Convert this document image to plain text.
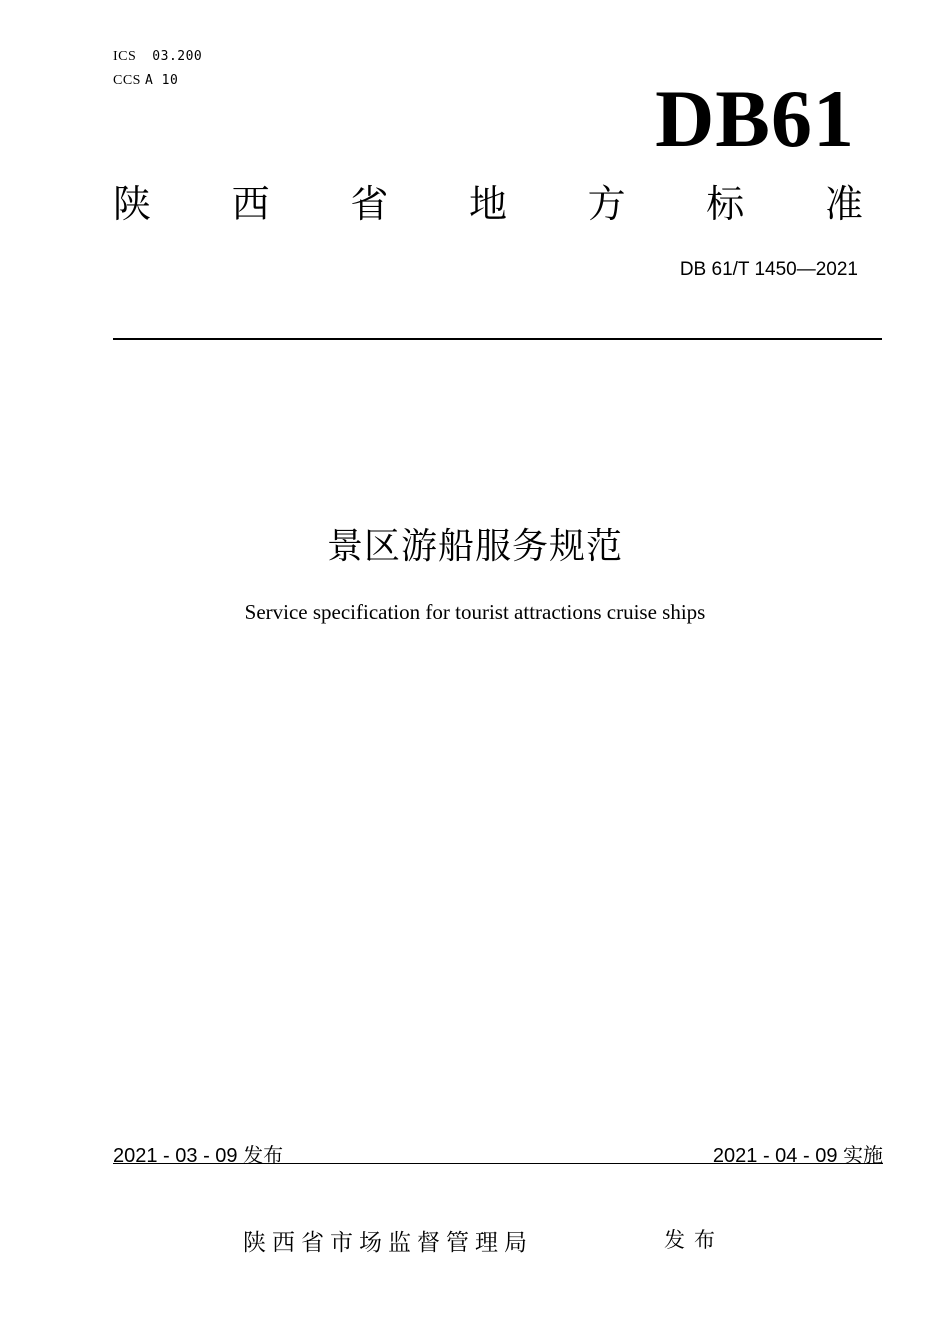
ICS 03.200
CCS A 10	DB61
陕 西 省 地 方 标 准
DB 61/T 1450—2021
景区游船服务规范
Service specification for tourist attractions cruise ships
2021 - 03 - 09 发布	2021 - 04 - 09 实施
陕西省市场监督管理局	发布
